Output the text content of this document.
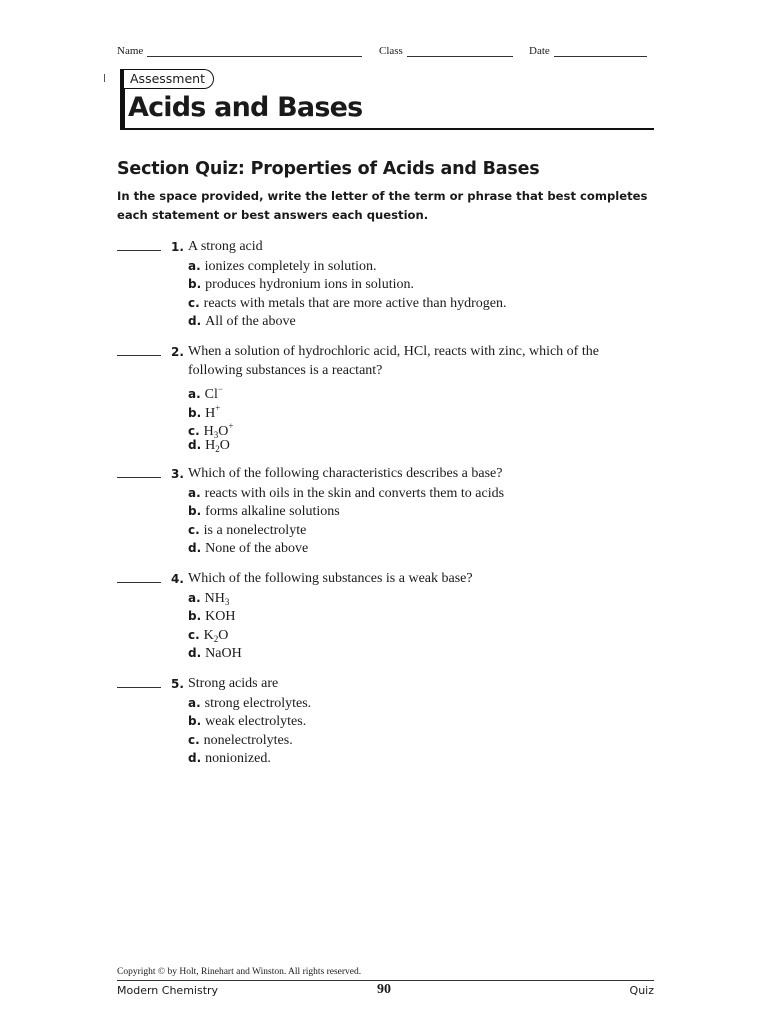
Name	Class	Date
Assessment
Acids and Bases
Section Quiz: Properties of Acids and Bases
In the space provided, write the letter of the term or phrase that best completes each statement or best answers each question.
1. A strong acid
a. ionizes completely in solution.
b. produces hydronium ions in solution.
c. reacts with metals that are more active than hydrogen.
d. All of the above
2. When a solution of hydrochloric acid, HCl, reacts with zinc, which of the following substances is a reactant?
a. Cl−
b. H+
c. $H_3O^+$
d. $H_2O$
3. Which of the following characteristics describes a base?
a. reacts with oils in the skin and converts them to acids
b. forms alkaline solutions
c. is a nonelectrolyte
d. None of the above
4. Which of the following substances is a weak base?
a. $NH_3$
b. KOH
c. $K_2O$
d. NaOH
5. Strong acids are
a. strong electrolytes.
b. weak electrolytes.
c. nonelectrolytes.
d. nonionized.
Copyright © by Holt, Rinehart and Winston. All rights reserved.
Modern Chemistry	90	Quiz
